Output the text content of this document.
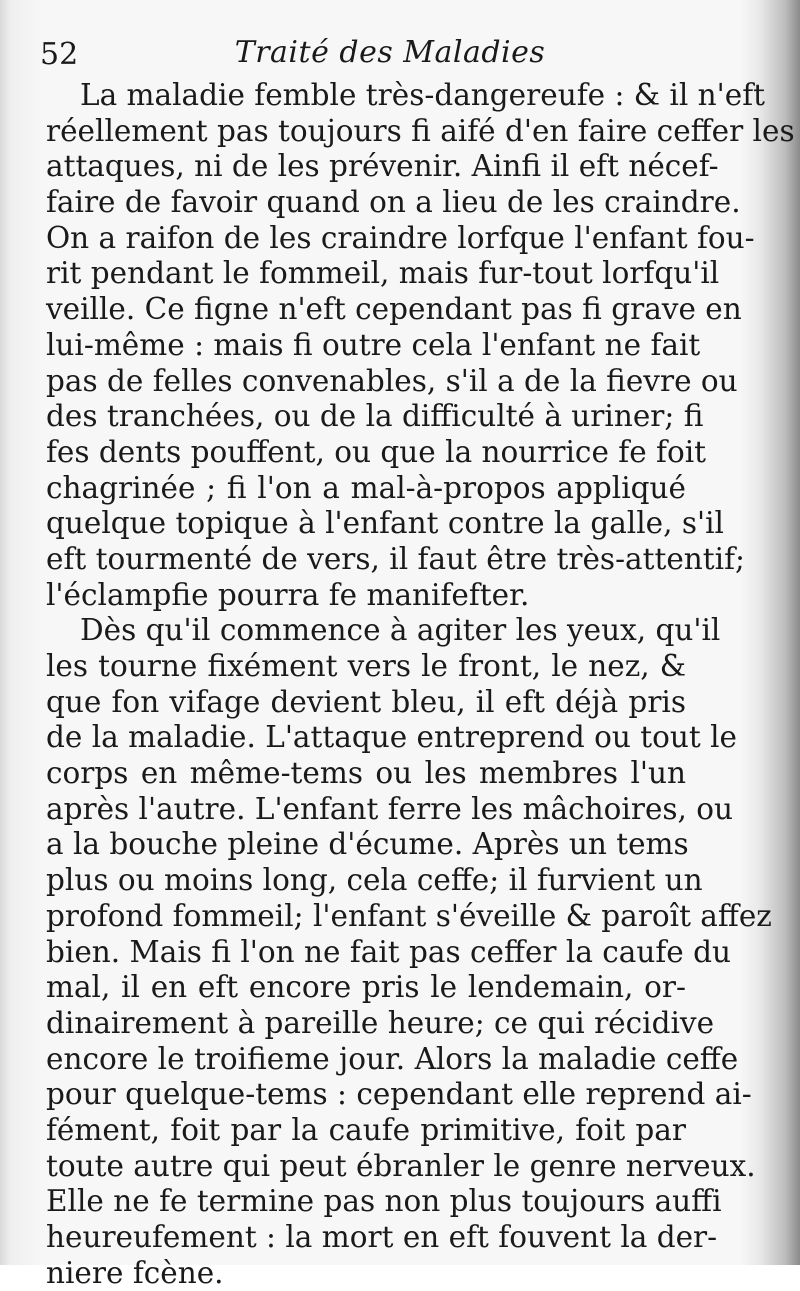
52	Traité des Maladies
La maladie femble très-dangereufe : & il n'eft
réellement pas toujours fi aifé d'en faire ceffer les
attaques, ni de les prévenir. Ainfi il eft nécef-
faire de favoir quand on a lieu de les craindre.
On a raifon de les craindre lorfque l'enfant fou-
rit pendant le fommeil, mais fur-tout lorfqu'il
veille. Ce figne n'eft cependant pas fi grave en
lui-même : mais fi outre cela l'enfant ne fait
pas de felles convenables, s'il a de la fievre ou
des tranchées, ou de la difficulté à uriner; fi
fes dents pouffent, ou que la nourrice fe foit
chagrinée ; fi l'on a mal-à-propos appliqué
quelque topique à l'enfant contre la galle, s'il
eft tourmenté de vers, il faut être très-attentif;
l'éclampfie pourra fe manifefter.
Dès qu'il commence à agiter les yeux, qu'il
les tourne fixément vers le front, le nez, &
que fon vifage devient bleu, il eft déjà pris
de la maladie. L'attaque entreprend ou tout le
corps en même-tems ou les membres l'un
après l'autre. L'enfant ferre les mâchoires, ou
a la bouche pleine d'écume. Après un tems
plus ou moins long, cela ceffe; il furvient un
profond fommeil; l'enfant s'éveille & paroît affez
bien. Mais fi l'on ne fait pas ceffer la caufe du
mal, il en eft encore pris le lendemain, or-
dinairement à pareille heure; ce qui récidive
encore le troifieme jour. Alors la maladie ceffe
pour quelque-tems : cependant elle reprend ai-
fément, foit par la caufe primitive, foit par
toute autre qui peut ébranler le genre nerveux.
Elle ne fe termine pas non plus toujours auffi
heureufement : la mort en eft fouvent la der-
niere fcène.
